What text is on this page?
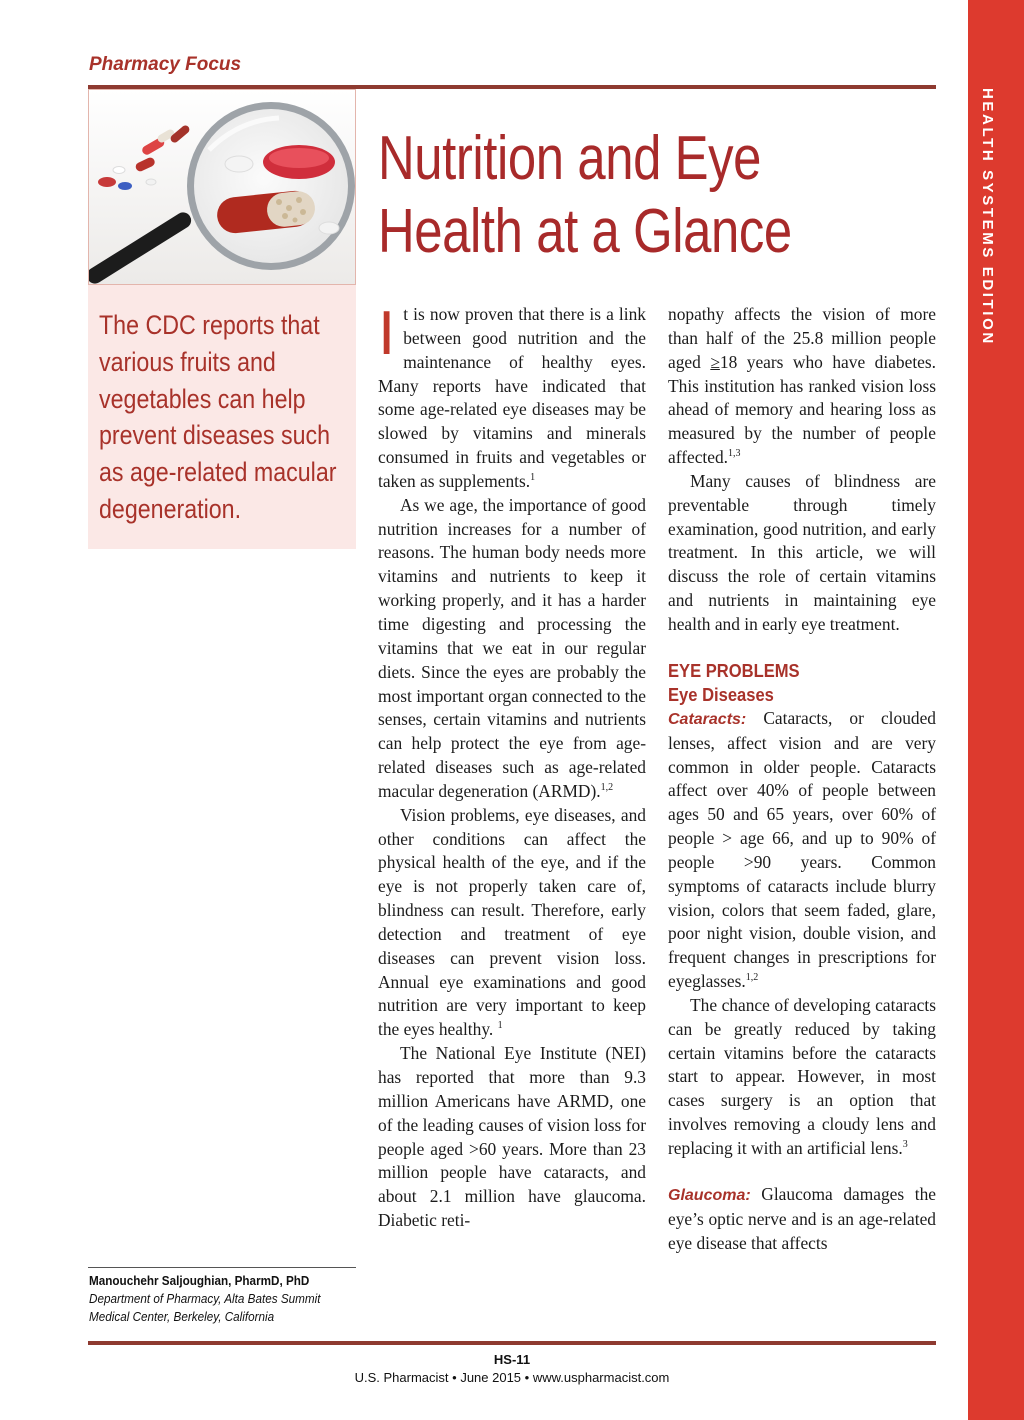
HEALTH SYSTEMS EDITION
Pharmacy Focus
Nutrition and Eye
Health at a Glance
The CDC reports that various fruits and vegetables can help prevent diseases such as age-related macular degeneration.
Manouchehr Saljoughian, PharmD, PhD
Department of Pharmacy, Alta Bates Summit
Medical Center, Berkeley, California

It is now proven that there is a link between good nutrition and the maintenance of healthy eyes. Many reports have indicated that some age-related eye diseases may be slowed by vitamins and minerals consumed in fruits and vegetables or taken as supplements.$^1$

As we age, the importance of good nutrition increases for a number of reasons. The human body needs more vitamins and nutrients to keep it working properly, and it has a harder time digesting and processing the vitamins that we eat in our regular diets. Since the eyes are probably the most important organ connected to the senses, certain vitamins and nutrients can help protect the eye from age-related diseases such as age-related macular degeneration (ARMD).$^{1,2}$

Vision problems, eye diseases, and other conditions can affect the physical health of the eye, and if the eye is not properly taken care of, blindness can result. Therefore, early detection and treatment of eye diseases can prevent vision loss. Annual eye examinations and good nutrition are very important to keep the eyes healthy. $^1$

The National Eye Institute (NEI) has reported that more than 9.3 million Americans have ARMD, one of the leading causes of vision loss for people aged >60 years. More than 23 million people have cataracts, and about 2.1 million have glaucoma. Diabetic reti-

nopathy affects the vision of more than half of the 25.8 million people aged ≥18 years who have diabetes. This institution has ranked vision loss ahead of memory and hearing loss as measured by the number of people affected.$^{1,3}$

Many causes of blindness are preventable through timely examination, good nutrition, and early treatment. In this article, we will discuss the role of certain vitamins and nutrients in maintaining eye health and in early eye treatment.

EYE PROBLEMS
Eye Diseases

Cataracts: Cataracts, or clouded lenses, affect vision and are very common in older people. Cataracts affect over 40% of people between ages 50 and 65 years, over 60% of people > age 66, and up to 90% of people >90 years. Common symptoms of cataracts include blurry vision, colors that seem faded, glare, poor night vision, double vision, and frequent changes in prescriptions for eyeglasses.$^{1,2}$

The chance of developing cataracts can be greatly reduced by taking certain vitamins before the cataracts start to appear. However, in most cases surgery is an option that involves removing a cloudy lens and replacing it with an artificial lens.$^3$

Glaucoma: Glaucoma damages the eye’s optic nerve and is an age-related eye disease that affects

HS-11
U.S. Pharmacist • June 2015 • www.uspharmacist.com
